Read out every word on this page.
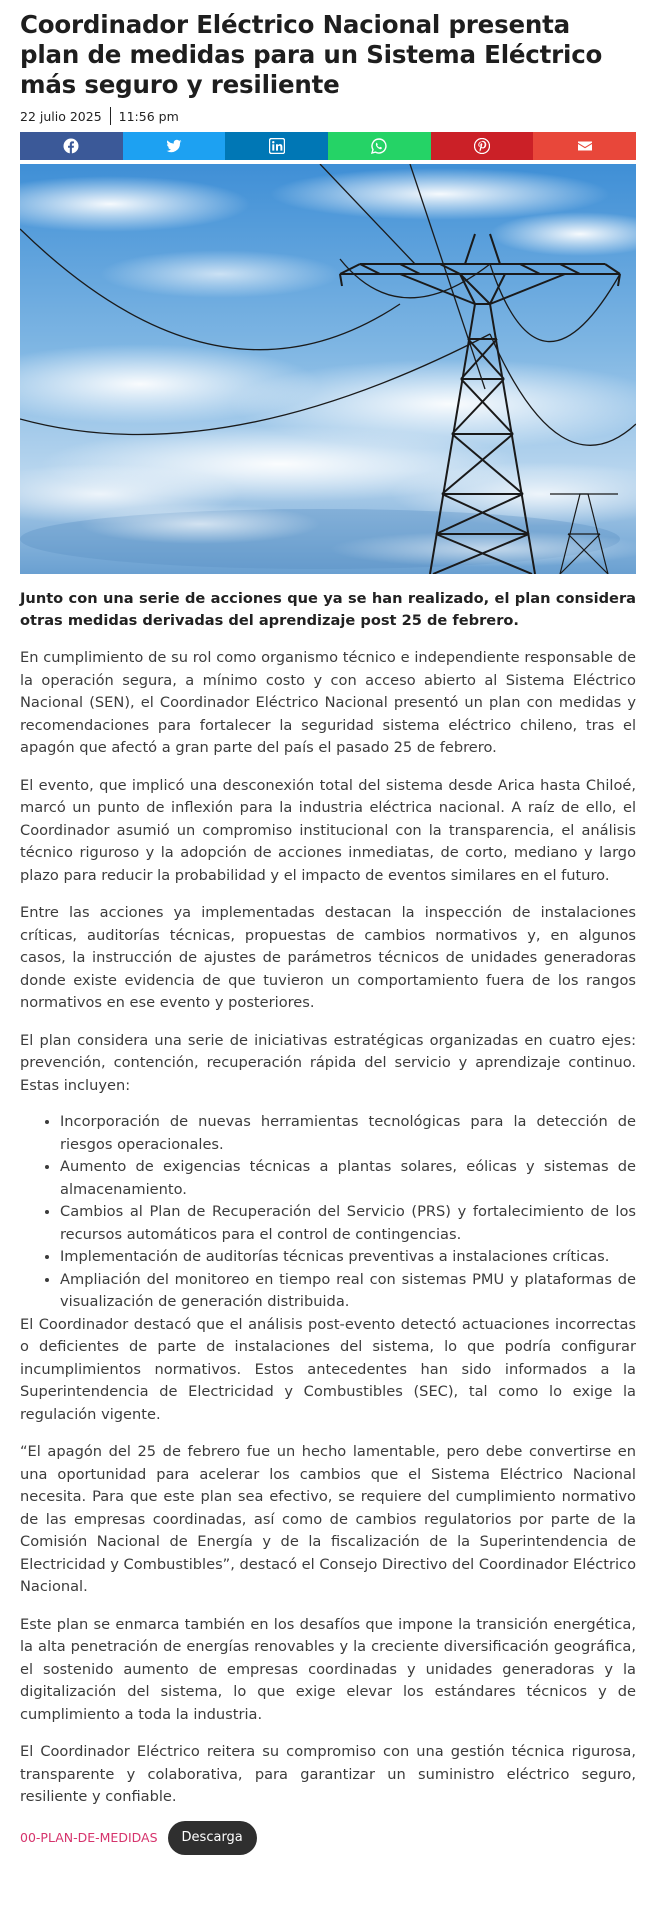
Coordinador Eléctrico Nacional presenta plan de medidas para un Sistema Eléctrico más seguro y resiliente
22 julio 2025 11:56 pm

Junto con una serie de acciones que ya se han realizado, el plan considera otras medidas derivadas del aprendizaje post 25 de febrero.

En cumplimiento de su rol como organismo técnico e independiente responsable de la operación segura, a mínimo costo y con acceso abierto al Sistema Eléctrico Nacional (SEN), el Coordinador Eléctrico Nacional presentó un plan con medidas y recomendaciones para fortalecer la seguridad sistema eléctrico chileno, tras el apagón que afectó a gran parte del país el pasado 25 de febrero.

El evento, que implicó una desconexión total del sistema desde Arica hasta Chiloé, marcó un punto de inflexión para la industria eléctrica nacional. A raíz de ello, el Coordinador asumió un compromiso institucional con la transparencia, el análisis técnico riguroso y la adopción de acciones inmediatas, de corto, mediano y largo plazo para reducir la probabilidad y el impacto de eventos similares en el futuro.

Entre las acciones ya implementadas destacan la inspección de instalaciones críticas, auditorías técnicas, propuestas de cambios normativos y, en algunos casos, la instrucción de ajustes de parámetros técnicos de unidades generadoras donde existe evidencia de que tuvieron un comportamiento fuera de los rangos normativos en ese evento y posteriores.

El plan considera una serie de iniciativas estratégicas organizadas en cuatro ejes: prevención, contención, recuperación rápida del servicio y aprendizaje continuo. Estas incluyen:

• Incorporación de nuevas herramientas tecnológicas para la detección de riesgos operacionales.
• Aumento de exigencias técnicas a plantas solares, eólicas y sistemas de almacenamiento.
• Cambios al Plan de Recuperación del Servicio (PRS) y fortalecimiento de los recursos automáticos para el control de contingencias.
• Implementación de auditorías técnicas preventivas a instalaciones críticas.
• Ampliación del monitoreo en tiempo real con sistemas PMU y plataformas de visualización de generación distribuida.

El Coordinador destacó que el análisis post-evento detectó actuaciones incorrectas o deficientes de parte de instalaciones del sistema, lo que podría configurar incumplimientos normativos. Estos antecedentes han sido informados a la Superintendencia de Electricidad y Combustibles (SEC), tal como lo exige la regulación vigente.

“El apagón del 25 de febrero fue un hecho lamentable, pero debe convertirse en una oportunidad para acelerar los cambios que el Sistema Eléctrico Nacional necesita. Para que este plan sea efectivo, se requiere del cumplimiento normativo de las empresas coordinadas, así como de cambios regulatorios por parte de la Comisión Nacional de Energía y de la fiscalización de la Superintendencia de Electricidad y Combustibles”, destacó el Consejo Directivo del Coordinador Eléctrico Nacional.

Este plan se enmarca también en los desafíos que impone la transición energética, la alta penetración de energías renovables y la creciente diversificación geográfica, el sostenido aumento de empresas coordinadas y unidades generadoras y la digitalización del sistema, lo que exige elevar los estándares técnicos y de cumplimiento a toda la industria.

El Coordinador Eléctrico reitera su compromiso con una gestión técnica rigurosa, transparente y colaborativa, para garantizar un suministro eléctrico seguro, resiliente y confiable.

00-PLAN-DE-MEDIDAS	Descarga
